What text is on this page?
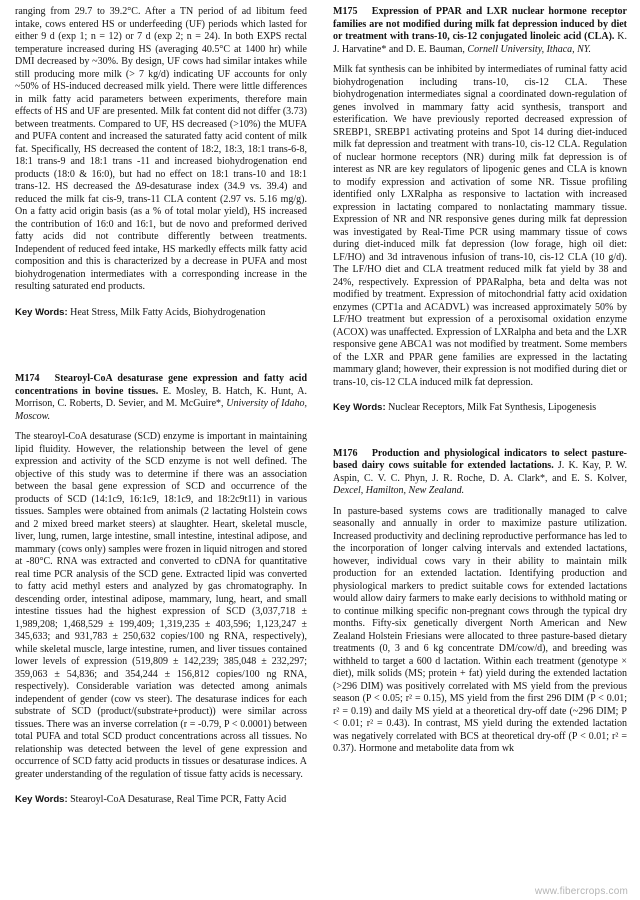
ranging from 29.7 to 39.2°C. After a TN period of ad libitum feed intake, cows entered HS or underfeeding (UF) periods which lasted for either 9 d (exp 1; n = 12) or 7 d (exp 2; n = 24). In both EXPS rectal temperature increased during HS (averaging 40.5°C at 1400 hr) while DMI decreased by ~30%. By design, UF cows had similar intakes while still producing more milk (> 7 kg/d) indicating UF accounts for only ~50% of HS-induced decreased milk yield. There were little differences in milk fatty acid parameters between experiments, therefore main effects of HS and UF are presented. Milk fat content did not differ (3.73) between treatments. Compared to UF, HS decreased (>10%) the MUFA and PUFA content and increased the saturated fatty acid content of milk fat. Specifically, HS decreased the content of 18:2, 18:3, 18:1 trans-6-8, 18:1 trans-9 and 18:1 trans -11 and increased biohydrogenation end products (18:0 & 16:0), but had no effect on 18:1 trans-10 and 18:1 trans-12. HS decreased the Δ9-desaturase index (34.9 vs. 39.4) and reduced the milk fat cis-9, trans-11 CLA content (2.97 vs. 5.16 mg/g). On a fatty acid origin basis (as a % of total molar yield), HS increased the contribution of 16:0 and 16:1, but de novo and preformed derived fatty acids did not contribute differently between treatments. Independent of reduced feed intake, HS markedly effects milk fatty acid composition and this is characterized by a decrease in PUFA and most biohydrogenation intermediates with a corresponding increase in the resulting saturated end products.

Key Words: Heat Stress, Milk Fatty Acids, Biohydrogenation

M174 Stearoyl-CoA desaturase gene expression and fatty acid concentrations in bovine tissues. E. Mosley, B. Hatch, K. Hunt, A. Morrison, C. Roberts, D. Sevier, and M. McGuire*, University of Idaho, Moscow.

The stearoyl-CoA desaturase (SCD) enzyme is important in maintaining lipid fluidity. However, the relationship between the level of gene expression and activity of the SCD enzyme is not well defined. The objective of this study was to determine if there was an association between the basal gene expression of SCD and occurrence of the products of SCD (14:1c9, 16:1c9, 18:1c9, and 18:2c9t11) in various tissues. Samples were obtained from animals (2 lactating Holstein cows and 2 mixed breed market steers) at slaughter. Heart, skeletal muscle, liver, lung, rumen, large intestine, small intestine, intestinal adipose, and mammary (cows only) samples were frozen in liquid nitrogen and stored at -80°C. RNA was extracted and converted to cDNA for quantitative real time PCR analysis of the SCD gene. Extracted lipid was converted to fatty acid methyl esters and analyzed by gas chromatography. In descending order, intestinal adipose, mammary, lung, heart, and small intestine tissues had the highest expression of SCD (3,037,718 ± 1,989,208; 1,468,529 ± 199,409; 1,319,235 ± 403,596; 1,123,247 ± 345,633; and 931,783 ± 250,632 copies/100 ng RNA, respectively), while skeletal muscle, large intestine, rumen, and liver tissues contained lower levels of expression (519,809 ± 142,239; 385,048 ± 232,297; 359,063 ± 54,836; and 354,244 ± 156,812 copies/100 ng RNA, respectively). Considerable variation was detected among animals independent of gender (cow vs steer). The desaturase indices for each substrate of SCD (product/(substrate+product)) were similar across tissues. There was an inverse correlation (r = -0.79, P < 0.0001) between total PUFA and total SCD product concentrations across all tissues. No relationship was detected between the level of gene expression and occurrence of SCD fatty acid products in tissues or desaturase indices. A greater understanding of the regulation of tissue fatty acids is necessary.

Key Words: Stearoyl-CoA Desaturase, Real Time PCR, Fatty Acid

M175 Expression of PPAR and LXR nuclear hormone receptor families are not modified during milk fat depression induced by diet or treatment with trans-10, cis-12 conjugated linoleic acid (CLA). K. J. Harvatine* and D. E. Bauman, Cornell University, Ithaca, NY.

Milk fat synthesis can be inhibited by intermediates of ruminal fatty acid biohydrogenation including trans-10, cis-12 CLA. These biohydrogenation intermediates signal a coordinated down-regulation of genes involved in mammary fatty acid synthesis, transport and esterification. We have previously reported decreased expression of SREBP1, SREBP1 activating proteins and Spot 14 during diet-induced milk fat depression and treatment with trans-10, cis-12 CLA. Regulation of nuclear hormone receptors (NR) during milk fat depression is of interest as NR are key regulators of lipogenic genes and CLA is known to modify expression and activation of some NR. Tissue profiling identified only LXRalpha as responsive to lactation with increased expression in lactating compared to nonlactating mammary tissue. Expression of NR and NR responsive genes during milk fat depression was investigated by Real-Time PCR using mammary tissue of cows during diet-induced milk fat depression (low forage, high oil diet: LF/HO) and 3d intravenous infusion of trans-10, cis-12 CLA (10 g/d). The LF/HO diet and CLA treatment reduced milk fat yield by 38 and 24%, respectively. Expression of PPARalpha, beta and delta was not modified by treatment. Expression of mitochondrial fatty acid oxidation enzymes (CPT1a and ACADVL) was increased approximately 50% by LF/HO treatment but expression of a peroxisomal oxidation enzyme (ACOX) was unaffected. Expression of LXRalpha and beta and the LXR responsive gene ABCA1 was not modified by treatment. Some members of the LXR and PPAR gene families are expressed in the lactating mammary gland; however, their expression is not modified during diet or trans-10, cis-12 CLA induced milk fat depression.

Key Words: Nuclear Receptors, Milk Fat Synthesis, Lipogenesis

M176 Production and physiological indicators to select pasture-based dairy cows suitable for extended lactations. J. K. Kay, P. W. Aspin, C. V. C. Phyn, J. R. Roche, D. A. Clark*, and E. S. Kolver, Dexcel, Hamilton, New Zealand.

In pasture-based systems cows are traditionally managed to calve seasonally and annually in order to maximize pasture utilization. Increased productivity and declining reproductive performance has led to the incorporation of longer calving intervals and extended lactations, however, individual cows vary in their ability to maintain milk production for an extended lactation. Identifying production and physiological markers to predict suitable cows for extended lactations would allow dairy farmers to make early decisions to withhold mating or to continue milking specific non-pregnant cows through the typical dry months. Fifty-six genetically divergent North American and New Zealand Holstein Friesians were allocated to three pasture-based dietary treatments (0, 3 and 6 kg concentrate DM/cow/d), and breeding was withheld to target a 600 d lactation. Within each treatment (genotype × diet), milk solids (MS; protein + fat) yield during the extended lactation (>296 DIM) was positively correlated with MS yield from the previous season (P < 0.05; r² = 0.15), MS yield from the first 296 DIM (P < 0.01; r² = 0.19) and daily MS yield at a theoretical dry-off date (~296 DIM; P < 0.01; r² = 0.43). In contrast, MS yield during the extended lactation was negatively correlated with BCS at theoretical dry-off (P < 0.01; r² = 0.37). Hormone and metabolite data from wk

www.fibercrops.com
